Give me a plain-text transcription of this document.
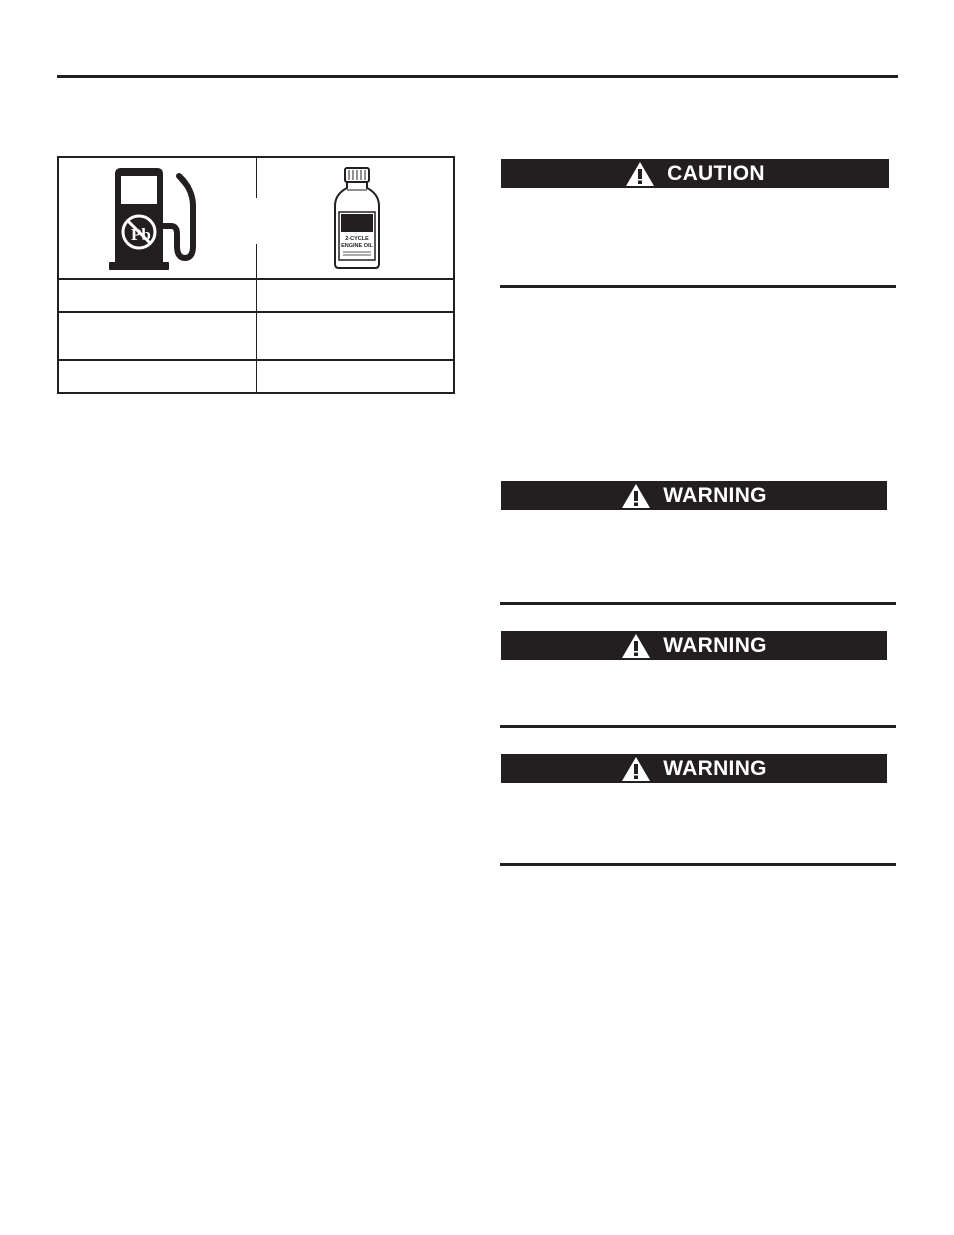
Pb	2-CYCLE
ENGINE OIL
CAUTION
WARNING
WARNING
WARNING
